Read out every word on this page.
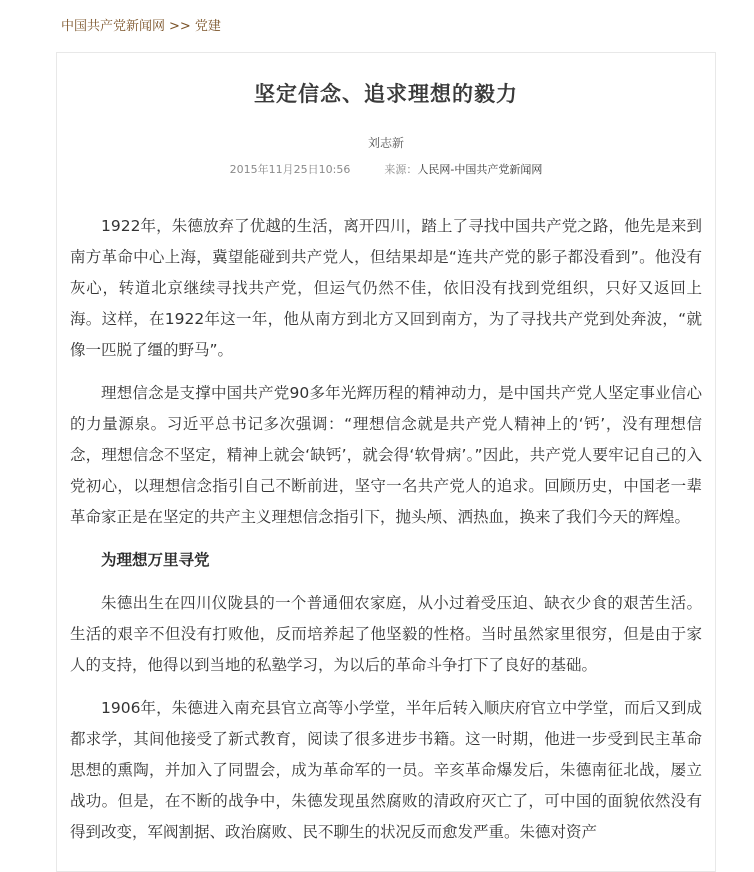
中国共产党新闻网 >> 党建
坚定信念、追求理想的毅力
刘志新
2015年11月25日10:56	来源：人民网-中国共产党新闻网

1922年，朱德放弃了优越的生活，离开四川，踏上了寻找中国共产党之路，他先是来到南方革命中心上海，冀望能碰到共产党人，但结果却是“连共产党的影子都没看到”。他没有灰心，转道北京继续寻找共产党，但运气仍然不佳，依旧没有找到党组织，只好又返回上海。这样，在1922年这一年，他从南方到北方又回到南方，为了寻找共产党到处奔波，“就像一匹脱了缰的野马”。

理想信念是支撑中国共产党90多年光辉历程的精神动力，是中国共产党人坚定事业信心的力量源泉。习近平总书记多次强调：“理想信念就是共产党人精神上的‘钙’，没有理想信念，理想信念不坚定，精神上就会‘缺钙’，就会得‘软骨病’。”因此，共产党人要牢记自己的入党初心，以理想信念指引自己不断前进，坚守一名共产党人的追求。回顾历史，中国老一辈革命家正是在坚定的共产主义理想信念指引下，抛头颅、洒热血，换来了我们今天的辉煌。

为理想万里寻党

朱德出生在四川仪陇县的一个普通佃农家庭，从小过着受压迫、缺衣少食的艰苦生活。生活的艰辛不但没有打败他，反而培养起了他坚毅的性格。当时虽然家里很穷，但是由于家人的支持，他得以到当地的私塾学习，为以后的革命斗争打下了良好的基础。

1906年，朱德进入南充县官立高等小学堂，半年后转入顺庆府官立中学堂，而后又到成都求学，其间他接受了新式教育，阅读了很多进步书籍。这一时期，他进一步受到民主革命思想的熏陶，并加入了同盟会，成为革命军的一员。辛亥革命爆发后，朱德南征北战，屡立战功。但是，在不断的战争中，朱德发现虽然腐败的清政府灭亡了，可中国的面貌依然没有得到改变，军阀割据、政治腐败、民不聊生的状况反而愈发严重。朱德对资产
